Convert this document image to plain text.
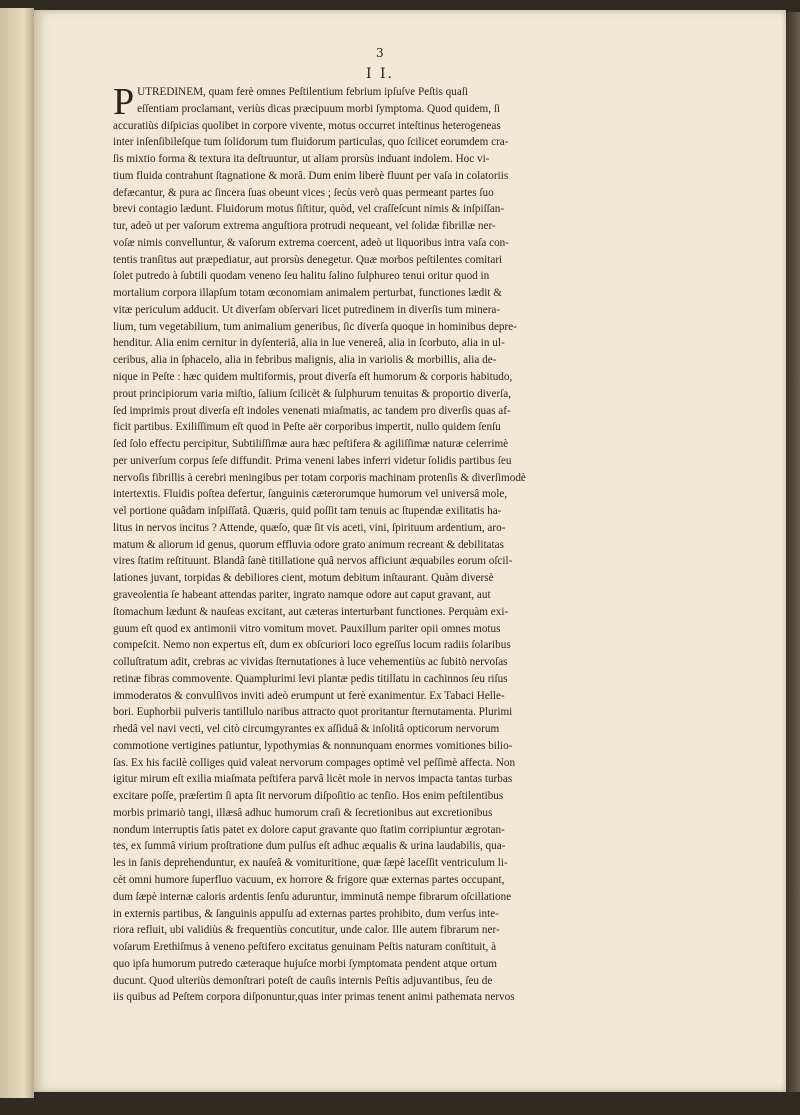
3
I I.
P UTREDINEM, quam ferè omnes Peſtilentium febrium ipſuſve Peſtis quaſi
eſſentiam proclamant, veriùs dicas præcipuum morbi ſymptoma. Quod quidem, ſi
accuratiùs diſpicias quolibet in corpore vivente, motus occurret inteſtinus heterogeneas
inter inſenſibileſque tum ſolidorum tum fluidorum particulas, quo ſcilicet eorumdem cra-
ſis mixtio forma & textura ita deſtruuntur, ut aliam prorsùs induant indolem. Hoc vi-
tium fluida contrahunt ſtagnatione & morâ. Dum enim liberè fluunt per vaſa in colatoriis
defæcantur, & pura ac ſincera ſuas obeunt vices ; ſecùs verò quas permeant partes ſuo
brevi contagio lædunt. Fluidorum motus ſiſtitur, quòd, vel craſſeſcunt nimis & inſpiſſan-
tur, adeò ut per vaſorum extrema anguſtiora protrudi nequeant, vel ſolidæ fibrillæ ner-
voſæ nimis convelluntur, & vaſorum extrema coercent, adeò ut liquoribus intra vaſa con-
tentis tranſitus aut præpediatur, aut prorsùs denegetur. Quæ morbos peſtilentes comitari
ſolet putredo à ſubtili quodam veneno ſeu halitu ſalino ſulphureo tenui oritur quod in
mortalium corpora illapſum totam œconomiam animalem perturbat, functiones lædit &
vitæ periculum adducit. Ut diverſam obſervari licet putredinem in diverſis tum minera-
lium, tum vegetabilium, tum animalium generibus, ſic diverſa quoque in hominibus depre-
henditur. Alia enim cernitur in dyſenteriâ, alia in lue venereâ, alia in ſcorbuto, alia in ul-
ceribus, alia in ſphacelo, alia in febribus malignis, alia in variolis & morbillis, alia de-
nique in Peſte : hæc quidem multiformis, prout diverſa eſt humorum & corporis habitudo,
prout principiorum varia miſtio, ſalium ſcilicèt & ſulphurum tenuitas & proportio diverſa,
ſed imprimis prout diverſa eſt indoles venenati miaſmatis, ac tandem pro diverſis quas af-
ficit partibus. Exiliſſimum eſt quod in Peſte aër corporibus impertit, nullo quidem ſenſu
ſed ſolo effectu percipitur, Subtiliſſimæ aura hæc peſtifera & agiliſſimæ naturæ celerrimè
per univerſum corpus ſeſe diffundit. Prima veneni labes inferri videtur ſolidis partibus ſeu
nervoſis fibrillis à cerebri meningibus per totam corporis machinam protenſis & diverſimodè
intertextis. Fluidis poſtea defertur, ſanguinis cæterorumque humorum vel universâ mole,
vel portione quâdam inſpiſſatâ. Quæris, quid poſſit tam tenuis ac ſtupendæ exilitatis ha-
litus in nervos incitus ? Attende, quæſo, quæ ſit vis aceti, vini, ſpirituum ardentium, aro-
matum & aliorum id genus, quorum effluvia odore grato animum recreant & debilitatas
vires ſtatim reſtituunt. Blandâ ſanè titillatione quâ nervos afficiunt æquabiles eorum oſcil-
lationes juvant, torpidas & debiliores cient, motum debitum inſtaurant. Quàm diversè
graveolentia ſe habeant attendas pariter, ingrato namque odore aut caput gravant, aut
ſtomachum lædunt & nauſeas excitant, aut cæteras interturbant functiones. Perquàm exi-
guum eſt quod ex antimonii vitro vomitum movet. Pauxillum pariter opii omnes motus
compeſcit. Nemo non expertus eſt, dum ex obſcuriori loco egreſſus locum radiis ſolaribus
colluſtratum adit, crebras ac vividas ſternutationes à luce vehementiùs ac ſubitò nervoſas
retinæ fibras commovente. Quamplurimi levi plantæ pedis titillatu in cachinnos ſeu riſus
immoderatos & convulſivos inviti adeò erumpunt ut ferè exanimentur. Ex Tabaci Helle-
bori. Euphorbii pulveris tantillulo naribus attracto quot proritantur ſternutamenta. Plurimi
rhedâ vel navi vecti, vel citò circumgyrantes ex aſſiduâ & inſolitâ opticorum nervorum
commotione vertigines patiuntur, lypothymias & nonnunquam enormes vomitiones bilio-
ſas. Ex his facilè colliges quid valeat nervorum compages optimè vel peſſimè affecta. Non
igitur mirum eſt exilia miaſmata peſtifera parvâ licèt mole in nervos impacta tantas turbas
excitare poſſe, præſertim ſi apta ſit nervorum diſpoſitio ac tenſio. Hos enim peſtilentibus
morbis primariò tangi, illæsâ adhuc humorum craſi & ſecretionibus aut excretionibus
nondum interruptis ſatis patet ex dolore caput gravante quo ſtatim corripiuntur ægrotan-
tes, ex ſummâ virium proſtratione dum pulſus eſt adhuc æqualis & urina laudabilis, qua-
les in ſanis deprehenduntur, ex nauſeâ & vomituritione, quæ ſæpè laceſſit ventriculum li-
cèt omni humore ſuperfluo vacuum, ex horrore & frigore quæ externas partes occupant,
dum ſæpè internæ caloris ardentis ſenſu aduruntur, imminutâ nempe fibrarum oſcillatione
in externis partibus, & ſanguinis appulſu ad externas partes prohibito, dum verſus inte-
riora refluit, ubi validiùs & frequentiùs concutitur, unde calor. Ille autem fibrarum ner-
voſarum Erethiſmus à veneno peſtifero excitatus genuinam Peſtis naturam conſtituit, à
quo ipſa humorum putredo cæteraque hujuſce morbi ſymptomata pendent atque ortum
ducunt. Quod ulteriùs demonſtrari poteſt de cauſis internis Peſtis adjuvantibus, ſeu de
iis quibus ad Peſtem corpora diſponuntur,quas inter primas tenent animi pathemata nervos
